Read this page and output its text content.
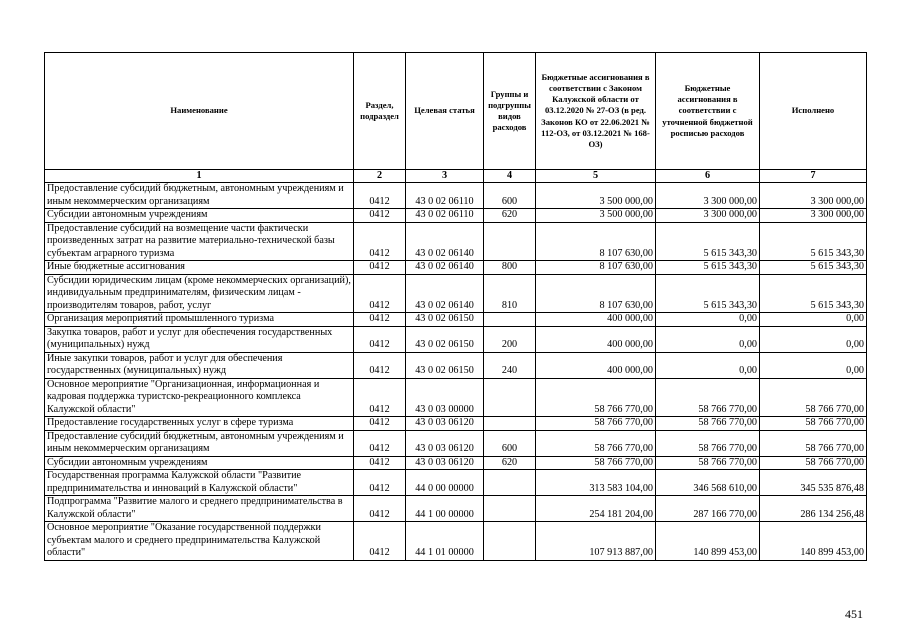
Наименование	Раздел, подраздел	Целевая статья	Группы и подгруппы видов расходов	Бюджетные ассигнования в соответствии с Законом Калужской области от 03.12.2020 № 27-ОЗ (в ред. Законов КО от 22.06.2021 № 112-ОЗ, от 03.12.2021 № 168-ОЗ)	Бюджетные ассигнования в соответствии с уточненной бюджетной росписью расходов	Исполнено
1	2	3	4	5	6	7
Предоставление субсидий бюджетным, автономным учреждениям и иным некоммерческим организациям	0412	43 0 02 06110	600	3 500 000,00	3 300 000,00	3 300 000,00
Субсидии автономным учреждениям	0412	43 0 02 06110	620	3 500 000,00	3 300 000,00	3 300 000,00
Предоставление субсидий на возмещение части фактически произведенных затрат на развитие материально-технической базы субъектам аграрного туризма	0412	43 0 02 06140		8 107 630,00	5 615 343,30	5 615 343,30
Иные бюджетные ассигнования	0412	43 0 02 06140	800	8 107 630,00	5 615 343,30	5 615 343,30
Субсидии юридическим лицам (кроме некоммерческих организаций), индивидуальным предпринимателям, физическим лицам - производителям товаров, работ, услуг	0412	43 0 02 06140	810	8 107 630,00	5 615 343,30	5 615 343,30
Организация мероприятий промышленного туризма	0412	43 0 02 06150		400 000,00	0,00	0,00
Закупка товаров, работ и услуг для обеспечения государственных (муниципальных) нужд	0412	43 0 02 06150	200	400 000,00	0,00	0,00
Иные закупки товаров, работ и услуг для обеспечения государственных (муниципальных) нужд	0412	43 0 02 06150	240	400 000,00	0,00	0,00
Основное мероприятие "Организационная, информационная и кадровая поддержка туристско-рекреационного комплекса Калужской области"	0412	43 0 03 00000		58 766 770,00	58 766 770,00	58 766 770,00
Предоставление государственных услуг в сфере туризма	0412	43 0 03 06120		58 766 770,00	58 766 770,00	58 766 770,00
Предоставление субсидий бюджетным, автономным учреждениям и иным некоммерческим организациям	0412	43 0 03 06120	600	58 766 770,00	58 766 770,00	58 766 770,00
Субсидии автономным учреждениям	0412	43 0 03 06120	620	58 766 770,00	58 766 770,00	58 766 770,00
Государственная программа Калужской области "Развитие предпринимательства и инноваций в Калужской области"	0412	44 0 00 00000		313 583 104,00	346 568 610,00	345 535 876,48
Подпрограмма "Развитие малого и среднего предпринимательства в Калужской области"	0412	44 1 00 00000		254 181 204,00	287 166 770,00	286 134 256,48
Основное мероприятие "Оказание государственной поддержки субъектам малого и среднего предпринимательства Калужской области"	0412	44 1 01 00000		107 913 887,00	140 899 453,00	140 899 453,00
451
